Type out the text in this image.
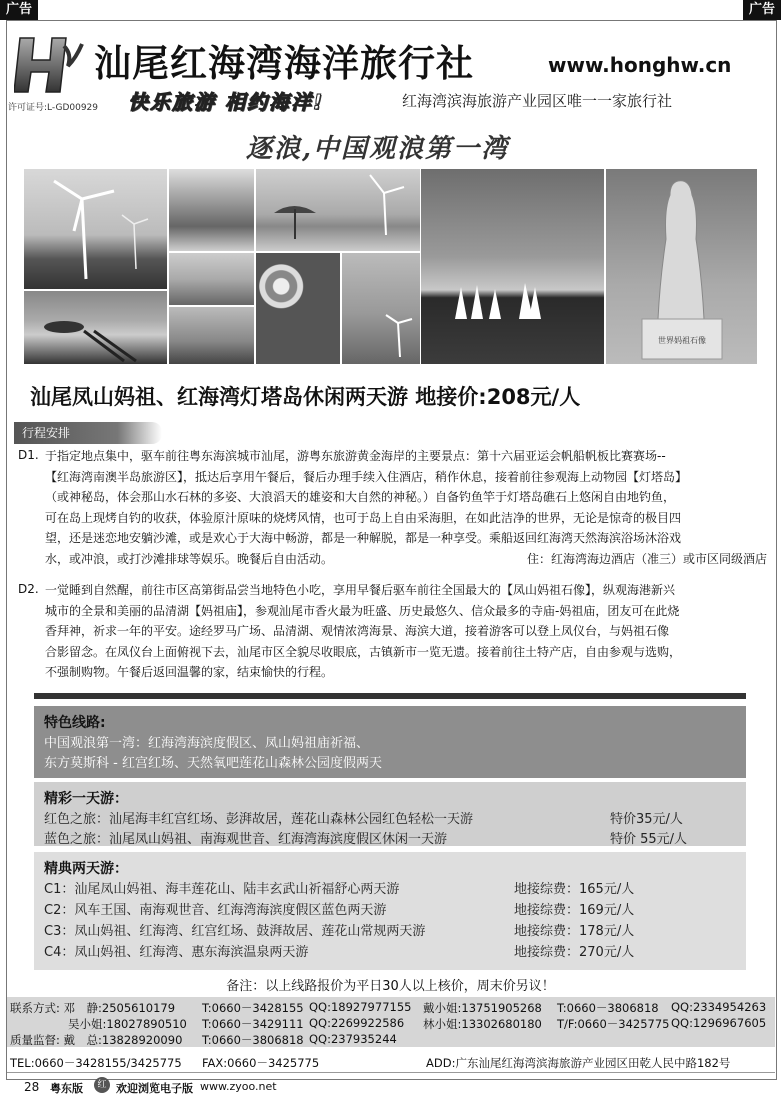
广告	广告
汕尾红海湾海洋旅行社	www.honghw.cn
许可证号:L-GD00929 快乐旅游 相约海洋!	红海湾滨海旅游产业园区唯一一家旅行社
逐浪,中国观浪第一湾
世界妈祖石像
汕尾凤山妈祖、红海湾灯塔岛休闲两天游 地接价:208元/人
行程安排
D1. 于指定地点集中，驱车前往粤东海滨城市汕尾，游粤东旅游黄金海岸的主要景点：第十六届亚运会帆船帆板比赛赛场--

【红海湾南澳半岛旅游区】，抵达后享用午餐后，餐后办理手续入住酒店，稍作休息，接着前往参观海上动物园【灯塔岛】

（或神秘岛，体会那山水石林的多姿、大浪滔天的雄姿和大自然的神秘。）自备钓鱼竿于灯塔岛礁石上悠闲自由地钓鱼，

可在岛上现烤自钓的收获，体验原汁原味的烧烤风情，也可于岛上自由采海胆，在如此洁净的世界，无论是惊奇的极目四

望，还是迷恋地安躺沙滩，或是欢心于大海中畅游，都是一种解脱，都是一种享受。乘船返回红海湾天然海滨浴场沐浴戏

水，或冲浪，或打沙滩排球等娱乐。晚餐后自由活动。	住：红海湾海边酒店（准三）或市区同级酒店

D2. 一觉睡到自然醒，前往市区高第街品尝当地特色小吃，享用早餐后驱车前往全国最大的【凤山妈祖石像】，纵观海港新兴

城市的全景和美丽的品清湖【妈祖庙】，参观汕尾市香火最为旺盛、历史最悠久、信众最多的寺庙-妈祖庙，团友可在此烧

香拜神，祈求一年的平安。途经罗马广场、品清湖、观情浓湾海景、海滨大道，接着游客可以登上凤仪台，与妈祖石像

合影留念。在凤仪台上面俯视下去，汕尾市区全貌尽收眼底，古镇新市一览无遗。接着前往土特产店，自由参观与选购，

不强制购物。午餐后返回温馨的家，结束愉快的行程。

特色线路:
中国观浪第一湾：红海湾海滨度假区、凤山妈祖庙祈福、
东方莫斯科 - 红宫红场、天然氧吧莲花山森林公园度假两天
精彩一天游：
红色之旅：汕尾海丰红宫红场、彭湃故居，莲花山森林公园红色轻松一天游	特价35元/人
蓝色之旅：汕尾凤山妈祖、南海观世音、红海湾海滨度假区休闲一天游	特价 55元/人
精典两天游：
C1：汕尾凤山妈祖、海丰莲花山、陆丰玄武山祈福舒心两天游	地接综费：165元/人
C2：风车王国、南海观世音、红海湾海滨度假区蓝色两天游	地接综费：169元/人
C3：凤山妈祖、红海湾、红宫红场、鼓湃故居、莲花山常规两天游	地接综费：178元/人
C4：凤山妈祖、红海湾、惠东海滨温泉两天游	地接综费：270元/人
备注：以上线路报价为平日30人以上核价，周末价另议！
联系方式: 邓　静:2505610179 T:0660－3428155 QQ:18927977155 戴小姐:13751905268 T:0660－3806818 QQ:2334954263
吴小姐:18027890510 T:0660－3429111 QQ:2269922586 林小姐:13302680180 T/F:0660－3425775 QQ:1296967605
质量监督: 戴　总:13828920090 T:0660－3806818 QQ:237935244
TEL:0660－3428155/3425775 FAX:0660－3425775	ADD:广东汕尾红海湾滨海旅游产业园区田乾人民中路182号
28 粤东版	红 欢迎浏览电子版 www.zyoo.net
